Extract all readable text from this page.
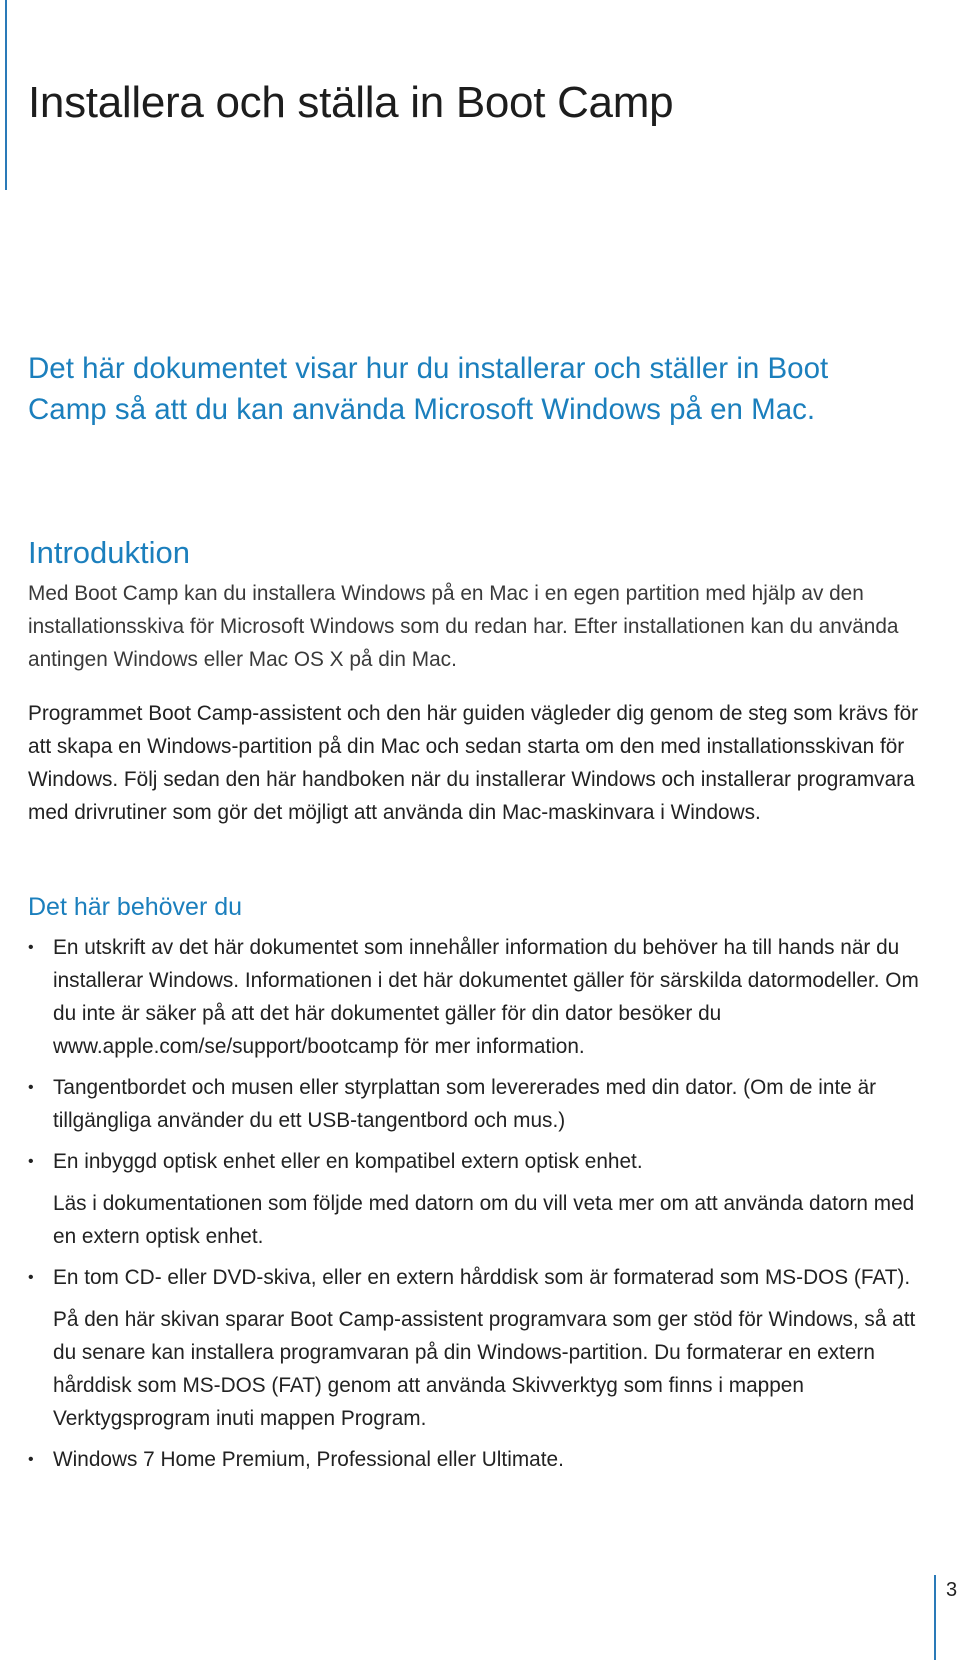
Installera och ställa in Boot Camp

Det här dokumentet visar hur du installerar och ställer in Boot Camp så att du kan använda Microsoft Windows på en Mac.

Introduktion

Med Boot Camp kan du installera Windows på en Mac i en egen partition med hjälp av den installationsskiva för Microsoft Windows som du redan har. Efter installationen kan du använda antingen Windows eller Mac OS X på din Mac.

Programmet Boot Camp-assistent och den här guiden vägleder dig genom de steg som krävs för att skapa en Windows-partition på din Mac och sedan starta om den med installationsskivan för Windows. Följ sedan den här handboken när du installerar Windows och installerar programvara med drivrutiner som gör det möjligt att använda din Mac-maskinvara i Windows.

Det här behöver du
• En utskrift av det här dokumentet som innehåller information du behöver ha till hands när du installerar Windows. Informationen i det här dokumentet gäller för särskilda datormodeller. Om du inte är säker på att det här dokumentet gäller för din dator besöker du www.apple.com/se/support/bootcamp för mer information.
• Tangentbordet och musen eller styrplattan som levererades med din dator. (Om de inte är tillgängliga använder du ett USB-tangentbord och mus.)
• En inbyggd optisk enhet eller en kompatibel extern optisk enhet.
Läs i dokumentationen som följde med datorn om du vill veta mer om att använda datorn med en extern optisk enhet.
• En tom CD- eller DVD-skiva, eller en extern hårddisk som är formaterad som MS-DOS (FAT).
På den här skivan sparar Boot Camp-assistent programvara som ger stöd för Windows, så att du senare kan installera programvaran på din Windows-partition. Du formaterar en extern hårddisk som MS-DOS (FAT) genom att använda Skivverktyg som finns i mappen Verktygsprogram inuti mappen Program.
• Windows 7 Home Premium, Professional eller Ultimate.
3
